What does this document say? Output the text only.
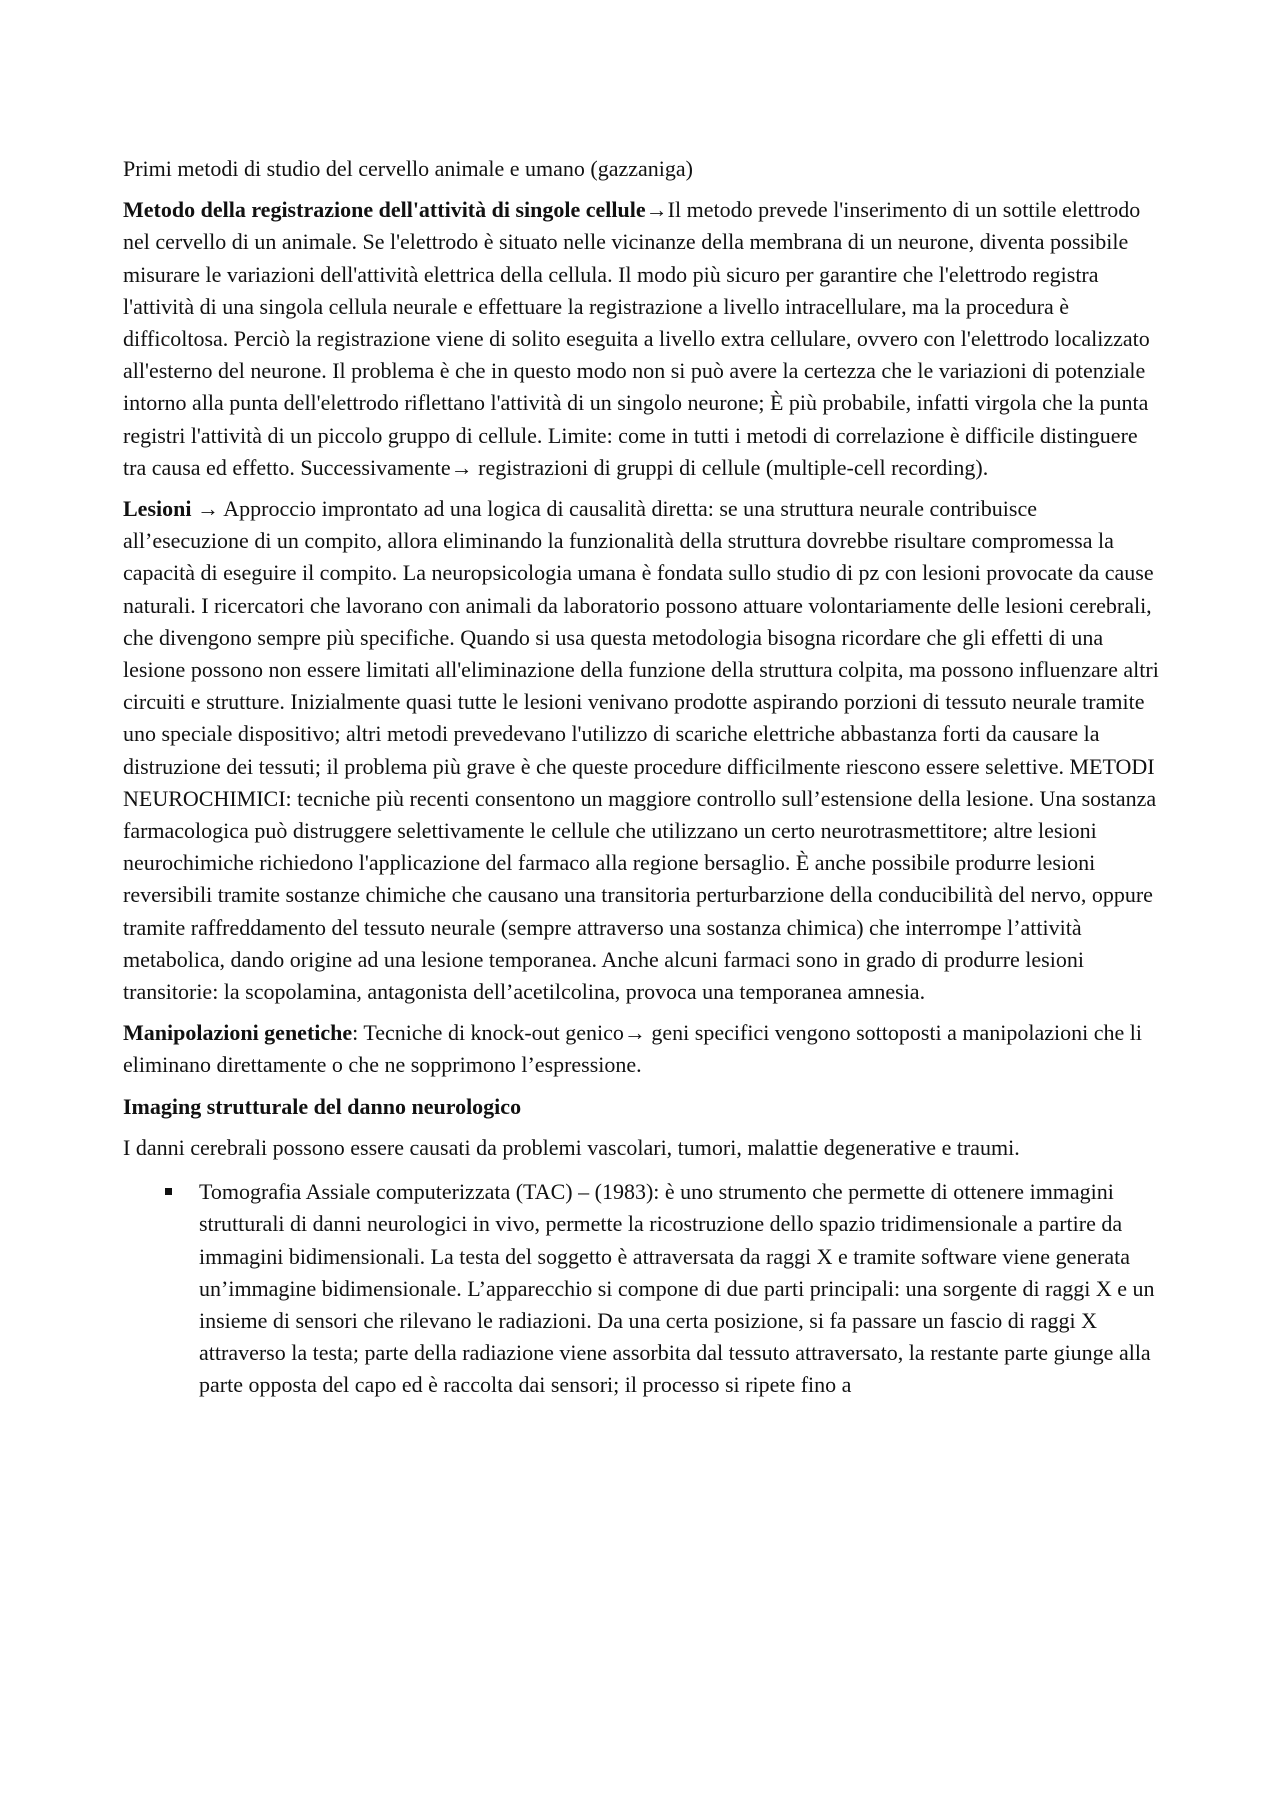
Primi metodi di studio del cervello animale e umano (gazzaniga)

Metodo della registrazione dell'attività di singole cellule→Il metodo prevede l'inserimento di un sottile elettrodo nel cervello di un animale. Se l'elettrodo è situato nelle vicinanze della membrana di un neurone, diventa possibile misurare le variazioni dell'attività elettrica della cellula. Il modo più sicuro per garantire che l'elettrodo registra l'attività di una singola cellula neurale e effettuare la registrazione a livello intracellulare, ma la procedura è difficoltosa. Perciò la registrazione viene di solito eseguita a livello extra cellulare, ovvero con l'elettrodo localizzato all'esterno del neurone. Il problema è che in questo modo non si può avere la certezza che le variazioni di potenziale intorno alla punta dell'elettrodo riflettano l'attività di un singolo neurone; È più probabile, infatti virgola che la punta registri l'attività di un piccolo gruppo di cellule. Limite: come in tutti i metodi di correlazione è difficile distinguere tra causa ed effetto. Successivamente→ registrazioni di gruppi di cellule (multiple-cell recording).

Lesioni → Approccio improntato ad una logica di causalità diretta: se una struttura neurale contribuisce all’esecuzione di un compito, allora eliminando la funzionalità della struttura dovrebbe risultare compromessa la capacità di eseguire il compito. La neuropsicologia umana è fondata sullo studio di pz con lesioni provocate da cause naturali. I ricercatori che lavorano con animali da laboratorio possono attuare volontariamente delle lesioni cerebrali, che divengono sempre più specifiche. Quando si usa questa metodologia bisogna ricordare che gli effetti di una lesione possono non essere limitati all'eliminazione della funzione della struttura colpita, ma possono influenzare altri circuiti e strutture. Inizialmente quasi tutte le lesioni venivano prodotte aspirando porzioni di tessuto neurale tramite uno speciale dispositivo; altri metodi prevedevano l'utilizzo di scariche elettriche abbastanza forti da causare la distruzione dei tessuti; il problema più grave è che queste procedure difficilmente riescono essere selettive. METODI NEUROCHIMICI: tecniche più recenti consentono un maggiore controllo sull’estensione della lesione. Una sostanza farmacologica può distruggere selettivamente le cellule che utilizzano un certo neurotrasmettitore; altre lesioni neurochimiche richiedono l'applicazione del farmaco alla regione bersaglio. È anche possibile produrre lesioni reversibili tramite sostanze chimiche che causano una transitoria perturbarzione della conducibilità del nervo, oppure tramite raffreddamento del tessuto neurale (sempre attraverso una sostanza chimica) che interrompe l’attività metabolica, dando origine ad una lesione temporanea. Anche alcuni farmaci sono in grado di produrre lesioni transitorie: la scopolamina, antagonista dell’acetilcolina, provoca una temporanea amnesia.

Manipolazioni genetiche: Tecniche di knock-out genico→ geni specifici vengono sottoposti a manipolazioni che li eliminano direttamente o che ne sopprimono l’espressione.

Imaging strutturale del danno neurologico

I danni cerebrali possono essere causati da problemi vascolari, tumori, malattie degenerative e traumi.

Tomografia Assiale computerizzata (TAC) – (1983): è uno strumento che permette di ottenere immagini strutturali di danni neurologici in vivo, permette la ricostruzione dello spazio tridimensionale a partire da immagini bidimensionali. La testa del soggetto è attraversata da raggi X e tramite software viene generata un’immagine bidimensionale. L’apparecchio si compone di due parti principali: una sorgente di raggi X e un insieme di sensori che rilevano le radiazioni. Da una certa posizione, si fa passare un fascio di raggi X attraverso la testa; parte della radiazione viene assorbita dal tessuto attraversato, la restante parte giunge alla parte opposta del capo ed è raccolta dai sensori; il processo si ripete fino a
